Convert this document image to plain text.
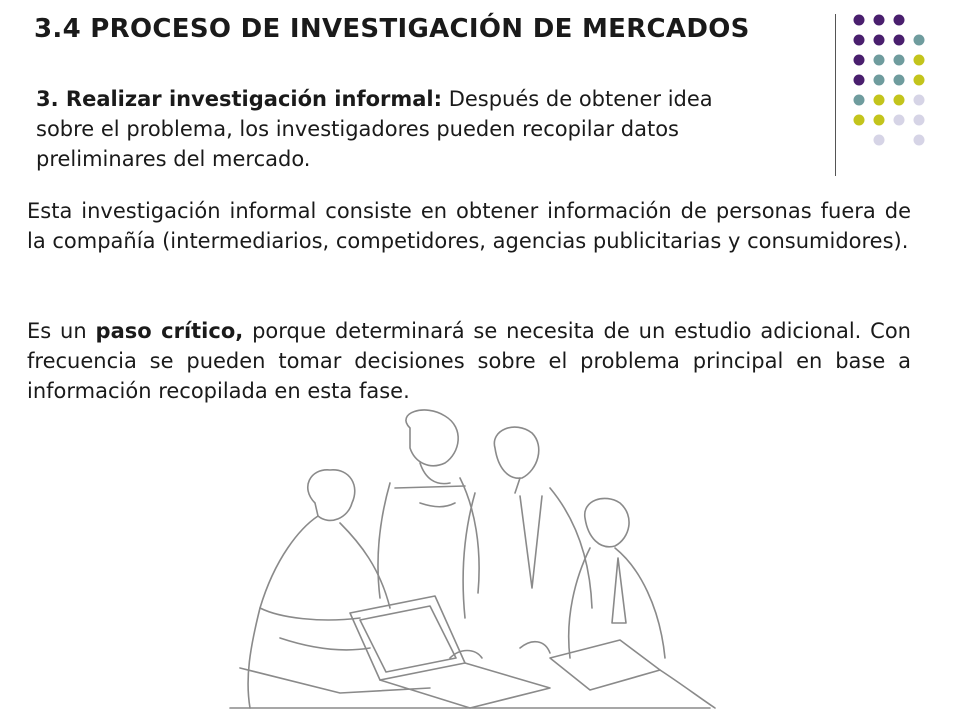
3.4 PROCESO DE INVESTIGACIÓN DE MERCADOS
3. Realizar investigación informal: Después de obtener idea sobre el problema, los investigadores pueden recopilar datos preliminares del mercado.
Esta investigación informal consiste en obtener información de personas fuera de la compañía (intermediarios, competidores, agencias publicitarias y consumidores).
Es un paso crítico, porque determinará se necesita de un estudio adicional. Con frecuencia se pueden tomar decisiones sobre el problema principal en base a información recopilada en esta fase.
